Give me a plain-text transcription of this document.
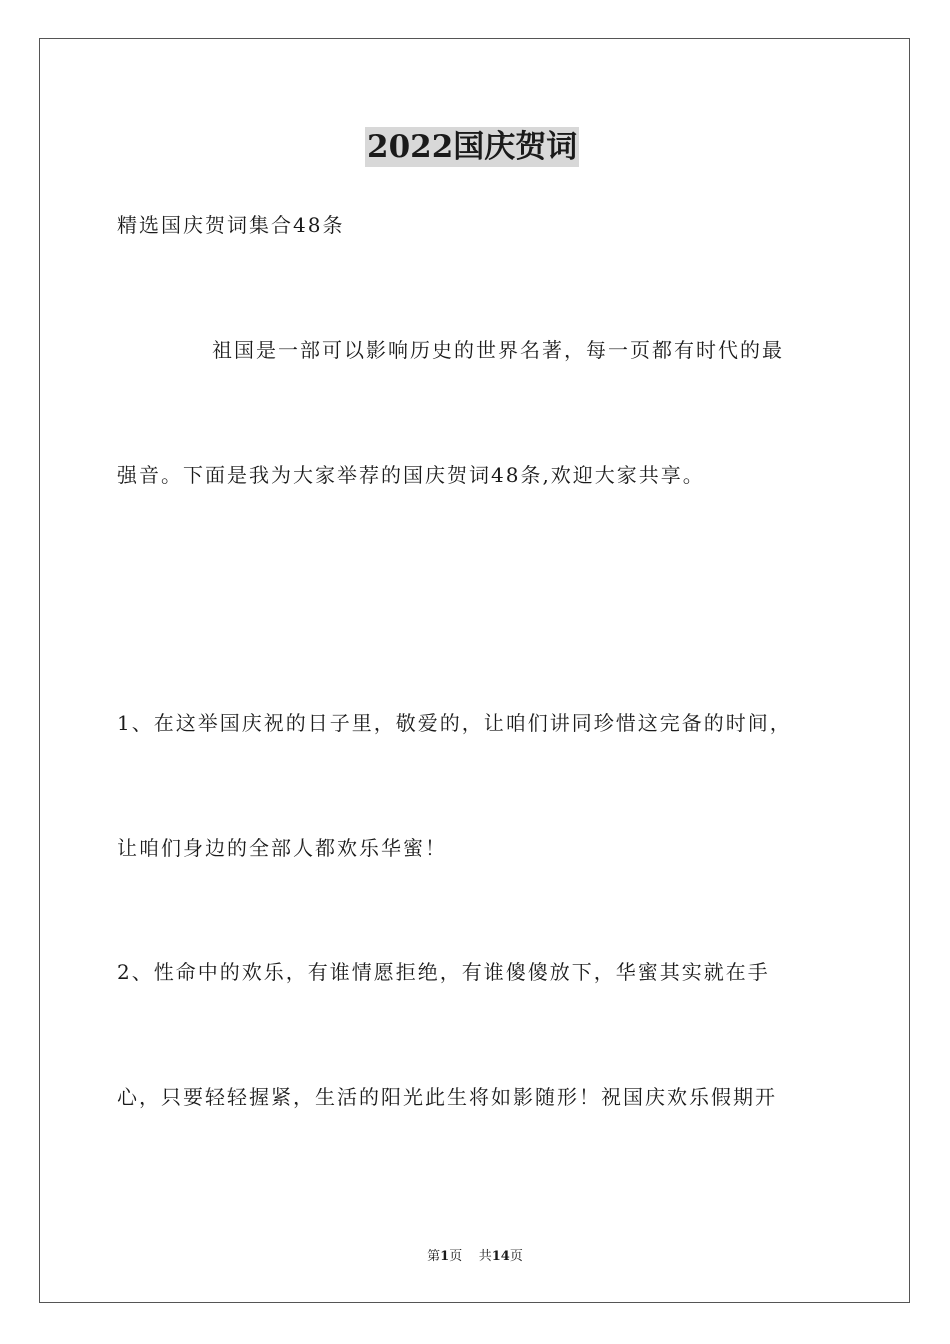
2022国庆贺词
精选国庆贺词集合48条
祖国是一部可以影响历史的世界名著，每一页都有时代的最
强音。下面是我为大家举荐的国庆贺词48条,欢迎大家共享。
1、在这举国庆祝的日子里，敬爱的，让咱们讲同珍惜这完备的时间，
让咱们身边的全部人都欢乐华蜜！
2、性命中的欢乐，有谁情愿拒绝，有谁傻傻放下，华蜜其实就在手
心，只要轻轻握紧，生活的阳光此生将如影随形！祝国庆欢乐假期开
第1页 共14页
